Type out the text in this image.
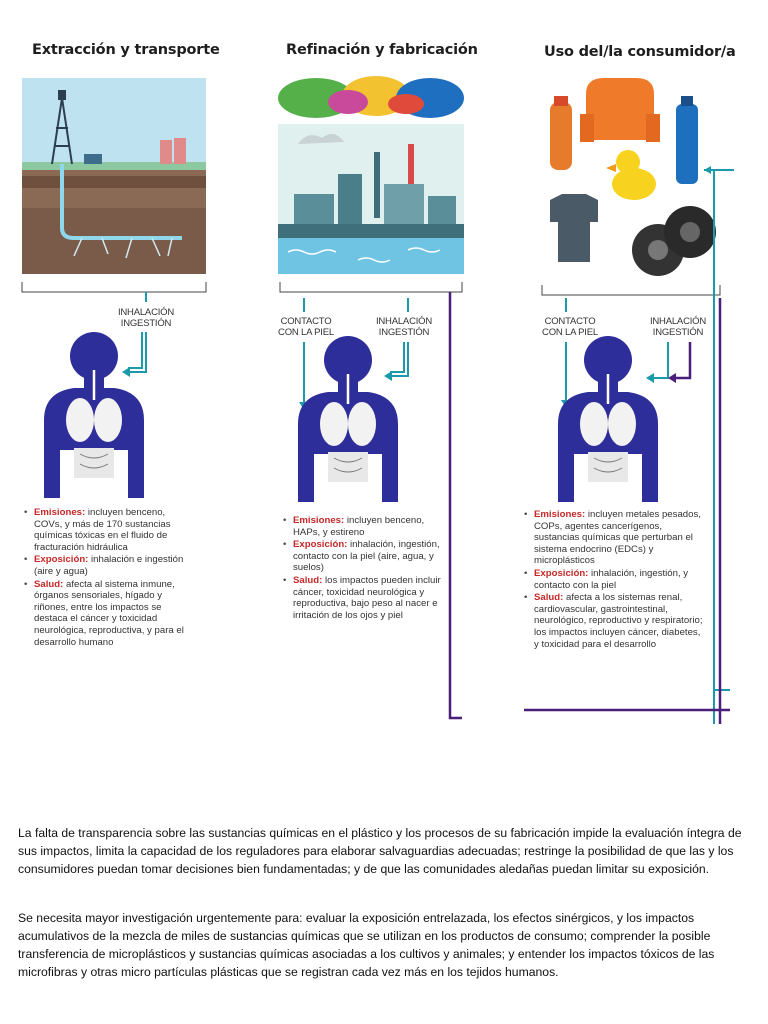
Extracción y transporte	Refinación y fabricación	Uso del/la consumidor/a
INHALACIÓN
INGESTIÓN	CONTACTO
CON LA PIEL
INHALACIÓN
INGESTIÓN
CONTACTO
CON LA PIEL
INHALACIÓN
INGESTIÓN
• Emisiones: incluyen benceno, COVs, y más de 170 sustancias químicas tóxicas en el fluido de fracturación hidráulica
• Exposición: inhalación e ingestión (aire y agua)
• Salud: afecta al sistema inmune, órganos sensoriales, hígado y riñones, entre los impactos se destaca el cáncer y toxicidad neurológica, reproductiva, y para el desarrollo humano
• Emisiones: incluyen benceno, HAPs, y estireno
• Exposición: inhalación, ingestión, contacto con la piel (aire, agua, y suelos)
• Salud: los impactos pueden incluir cáncer, toxicidad neurológica y reproductiva, bajo peso al nacer e irritación de los ojos y piel
• Emisiones: incluyen metales pesados, COPs, agentes cancerígenos, sustancias químicas que perturban el sistema endocrino (EDCs) y microplásticos
• Exposición: inhalación, ingestión, y contacto con la piel
• Salud: afecta a los sistemas renal, cardiovascular, gastrointestinal, neurológico, reproductivo y respiratorio; los impactos incluyen cáncer, diabetes, y toxicidad para el desarrollo

La falta de transparencia sobre las sustancias químicas en el plástico y los procesos de su fabricación impide la evaluación íntegra de sus impactos, limita la capacidad de los reguladores para elaborar salvaguardias adecuadas; restringe la posibilidad de que las y los consumidores puedan tomar decisiones bien fundamentadas; y de que las comunidades aledañas puedan limitar su exposición.

Se necesita mayor investigación urgentemente para: evaluar la exposición entrelazada, los efectos sinérgicos, y los impactos acumulativos de la mezcla de miles de sustancias químicas que se utilizan en los productos de consumo; comprender la posible transferencia de microplásticos y sustancias químicas asociadas a los cultivos y animales; y entender los impactos tóxicos de las microfibras y otras micro partículas plásticas que se registran cada vez más en los tejidos humanos.
